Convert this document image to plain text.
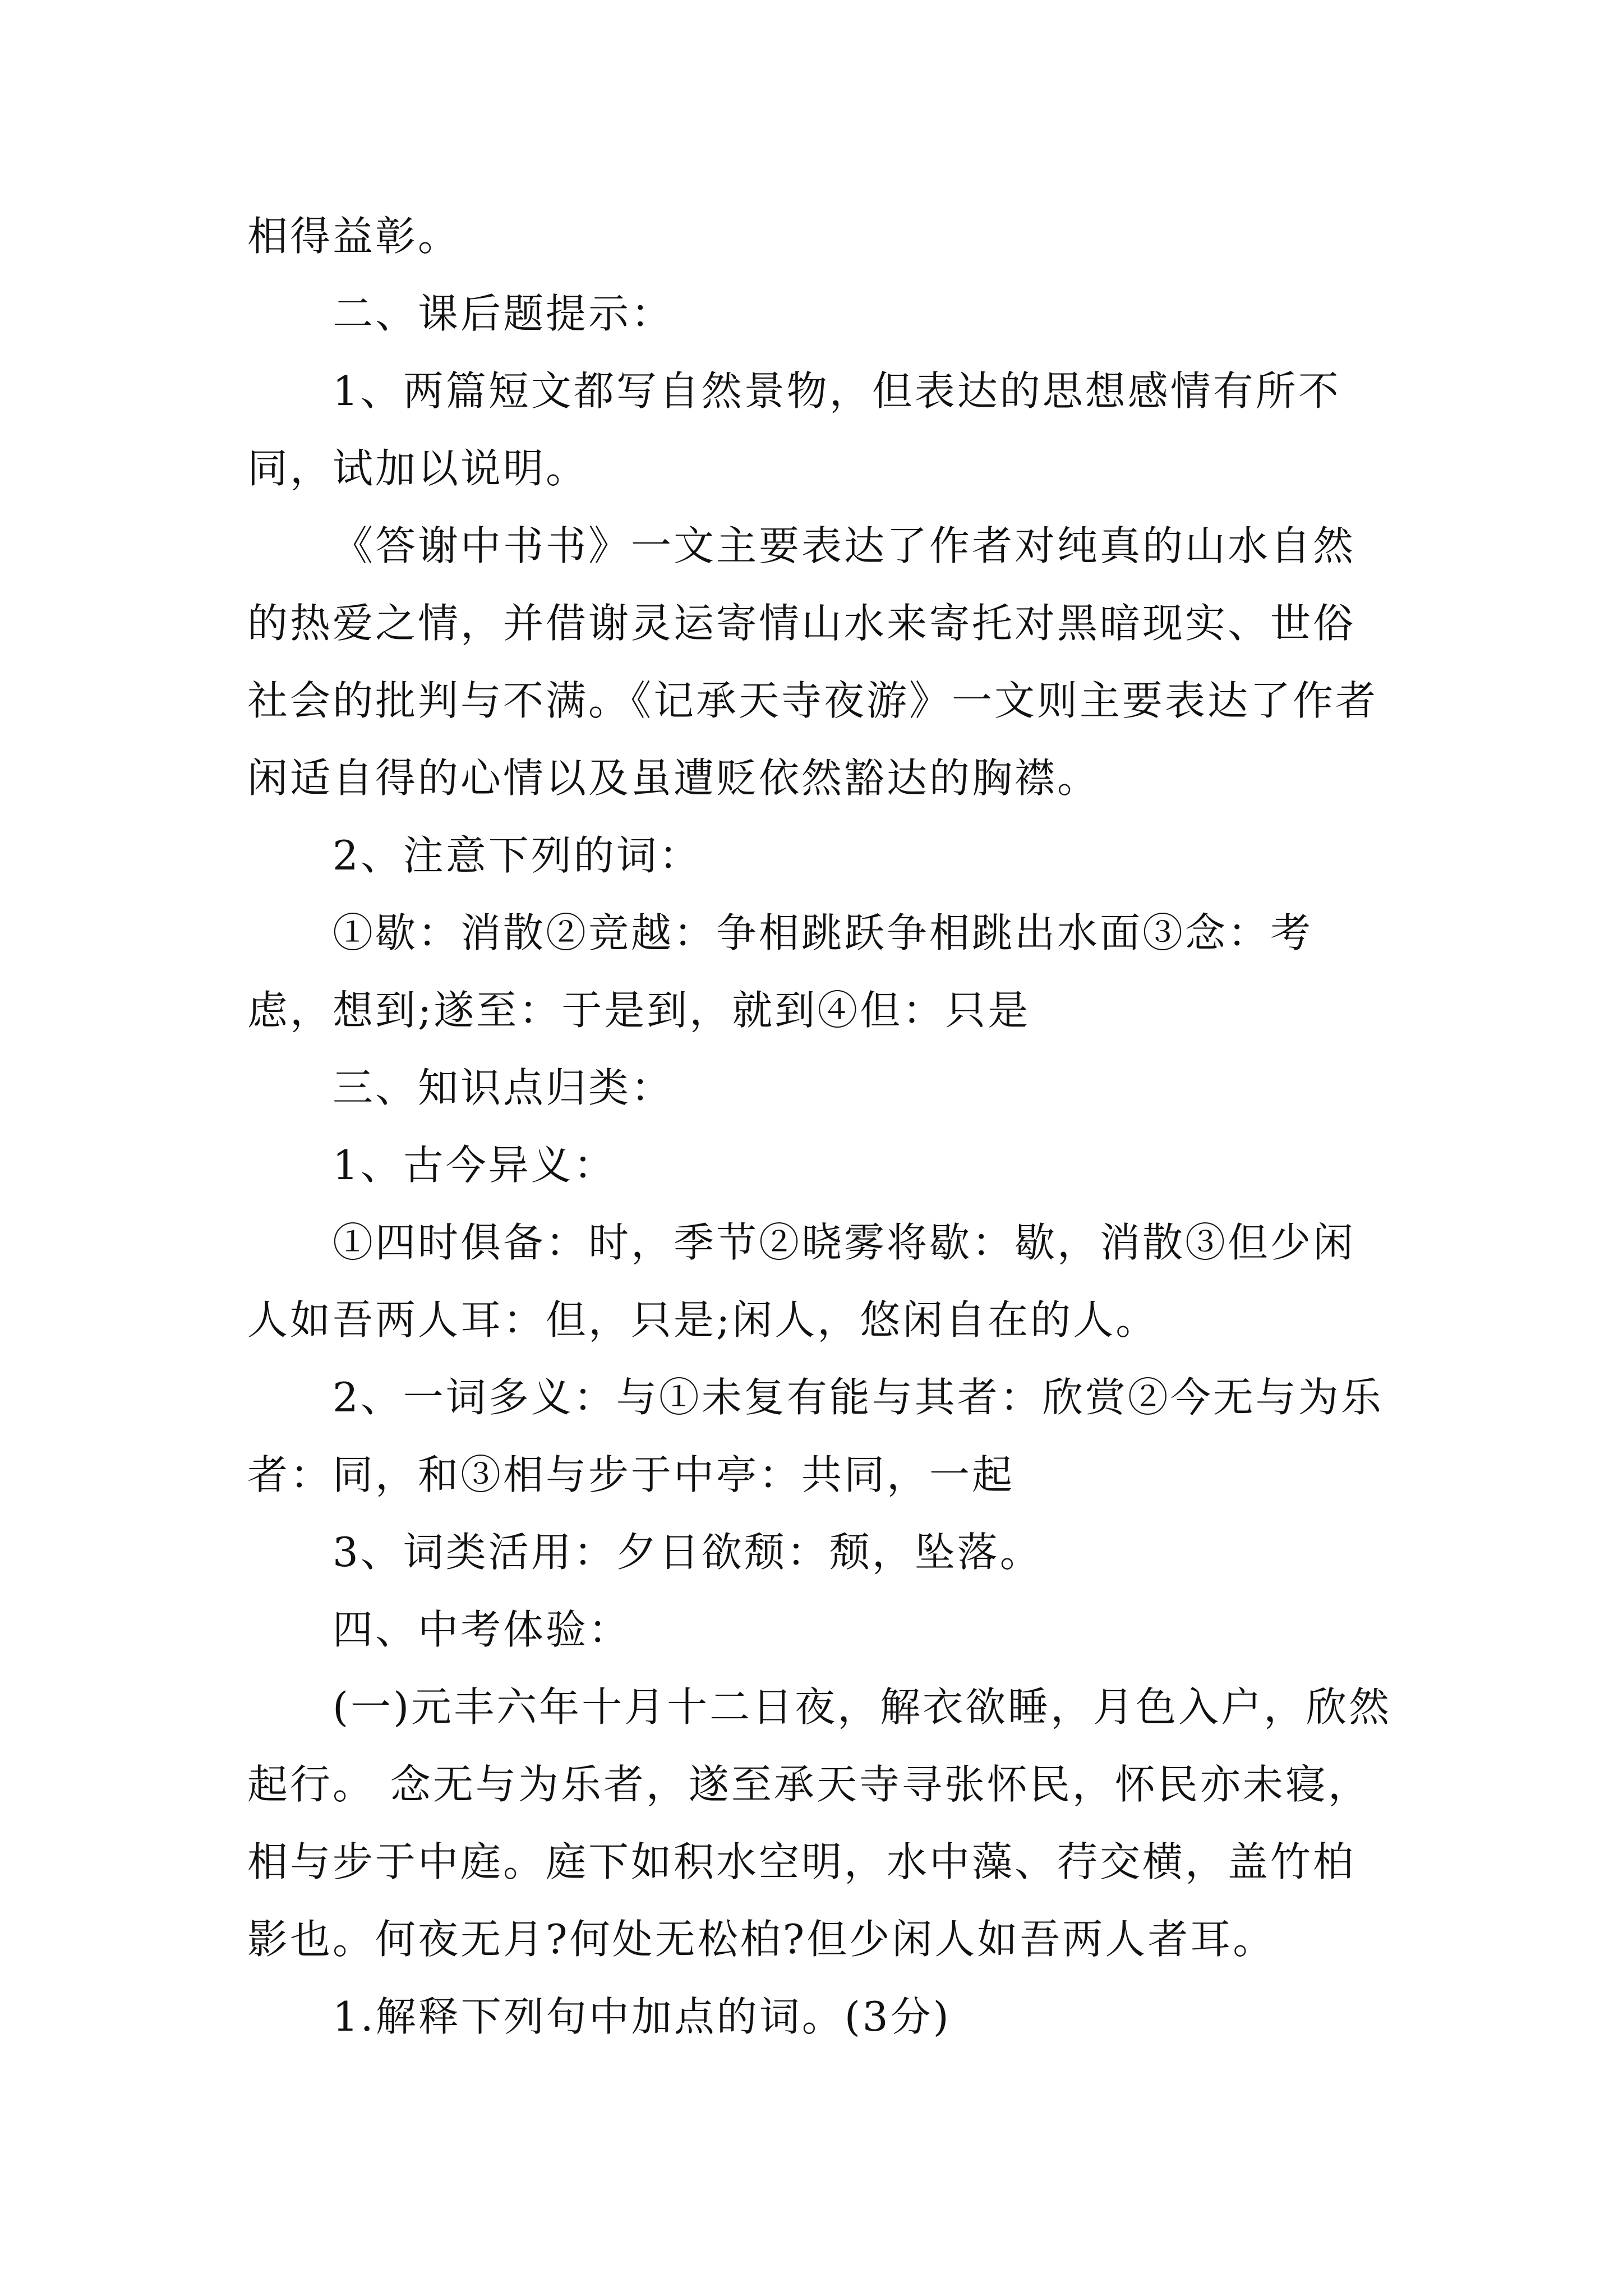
相得益彰。

二、课后题提示：

1、两篇短文都写自然景物，但表达的思想感情有所不同，试加以说明。

《答谢中书书》一文主要表达了作者对纯真的山水自然的热爱之情，并借谢灵运寄情山水来寄托对黑暗现实、世俗社会的批判与不满。《记承天寺夜游》一文则主要表达了作者闲适自得的心情以及虽遭贬依然豁达的胸襟。

2、注意下列的词：

①歇：消散②竞越：争相跳跃争相跳出水面③念：考虑，想到;遂至：于是到，就到④但：只是

三、知识点归类：

1、古今异义：

①四时俱备：时，季节②晓雾将歇：歇，消散③但少闲人如吾两人耳：但，只是;闲人，悠闲自在的人。

2、一词多义：与①未复有能与其者：欣赏②今无与为乐者：同，和③相与步于中亭：共同，一起

3、词类活用：夕日欲颓：颓，坠落。

四、中考体验：

(一)元丰六年十月十二日夜，解衣欲睡，月色入户，欣然起行。 念无与为乐者，遂至承天寺寻张怀民，怀民亦未寝，相与步于中庭。庭下如积水空明，水中藻、荇交横，盖竹柏影也。何夜无月?何处无松柏?但少闲人如吾两人者耳。

1.解释下列句中加点的词。(3分)
